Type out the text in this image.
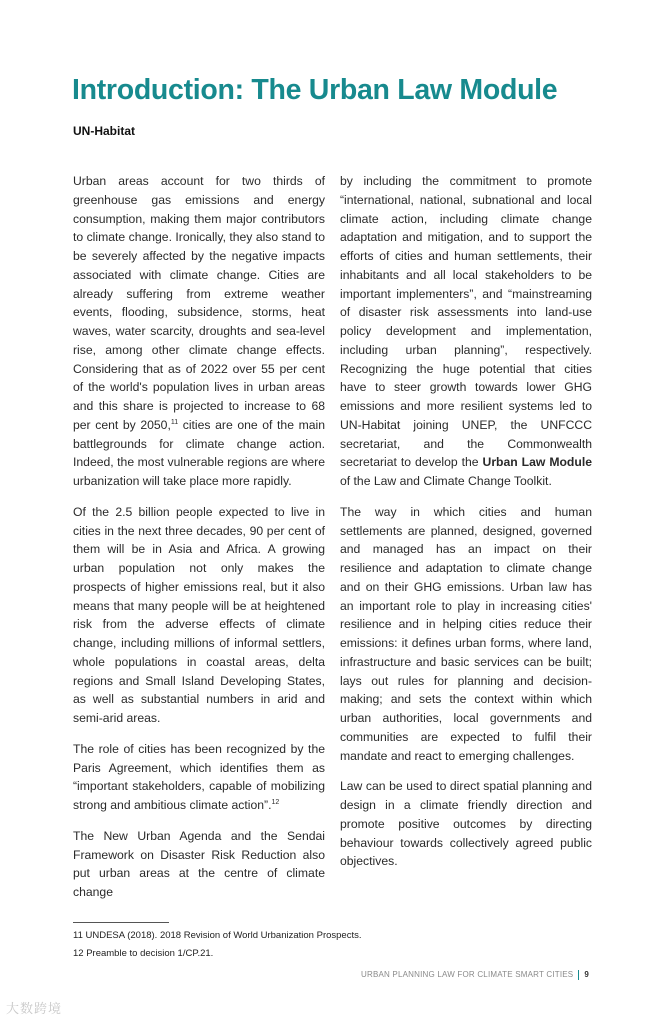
Introduction: The Urban Law Module
UN-Habitat

Urban areas account for two thirds of greenhouse gas emissions and energy consumption, making them major contributors to climate change. Ironically, they also stand to be severely affected by the negative impacts associated with climate change. Cities are already suffering from extreme weather events, flooding, subsidence, storms, heat waves, water scarcity, droughts and sea-level rise, among other climate change effects. Considering that as of 2022 over 55 per cent of the world's population lives in urban areas and this share is projected to increase to 68 per cent by 2050,11 cities are one of the main battlegrounds for climate change action. Indeed, the most vulnerable regions are where urbanization will take place more rapidly.

Of the 2.5 billion people expected to live in cities in the next three decades, 90 per cent of them will be in Asia and Africa. A growing urban population not only makes the prospects of higher emissions real, but it also means that many people will be at heightened risk from the adverse effects of climate change, including millions of informal settlers, whole populations in coastal areas, delta regions and Small Island Developing States, as well as substantial numbers in arid and semi-arid areas.

The role of cities has been recognized by the Paris Agreement, which identifies them as “important stakeholders, capable of mobilizing strong and ambitious climate action”.$^{12}$

The New Urban Agenda and the Sendai Framework on Disaster Risk Reduction also put urban areas at the centre of climate change

by including the commitment to promote “international, national, subnational and local climate action, including climate change adaptation and mitigation, and to support the efforts of cities and human settlements, their inhabitants and all local stakeholders to be important implementers”, and “mainstreaming of disaster risk assessments into land-use policy development and implementation, including urban planning”, respectively. Recognizing the huge potential that cities have to steer growth towards lower GHG emissions and more resilient systems led to UN-Habitat joining UNEP, the UNFCCC secretariat, and the Commonwealth secretariat to develop the Urban Law Module of the Law and Climate Change Toolkit.

The way in which cities and human settlements are planned, designed, governed and managed has an impact on their resilience and adaptation to climate change and on their GHG emissions. Urban law has an important role to play in increasing cities' resilience and in helping cities reduce their emissions: it defines urban forms, where land, infrastructure and basic services can be built; lays out rules for planning and decision-making; and sets the context within which urban authorities, local governments and communities are expected to fulfil their mandate and react to emerging challenges.

Law can be used to direct spatial planning and design in a climate friendly direction and promote positive outcomes by directing behaviour towards collectively agreed public objectives.

11 UNDESA (2018). 2018 Revision of World Urbanization Prospects.
12 Preamble to decision 1/CP.21.
URBAN PLANNING LAW FOR CLIMATE SMART CITIES 9
大数跨境
